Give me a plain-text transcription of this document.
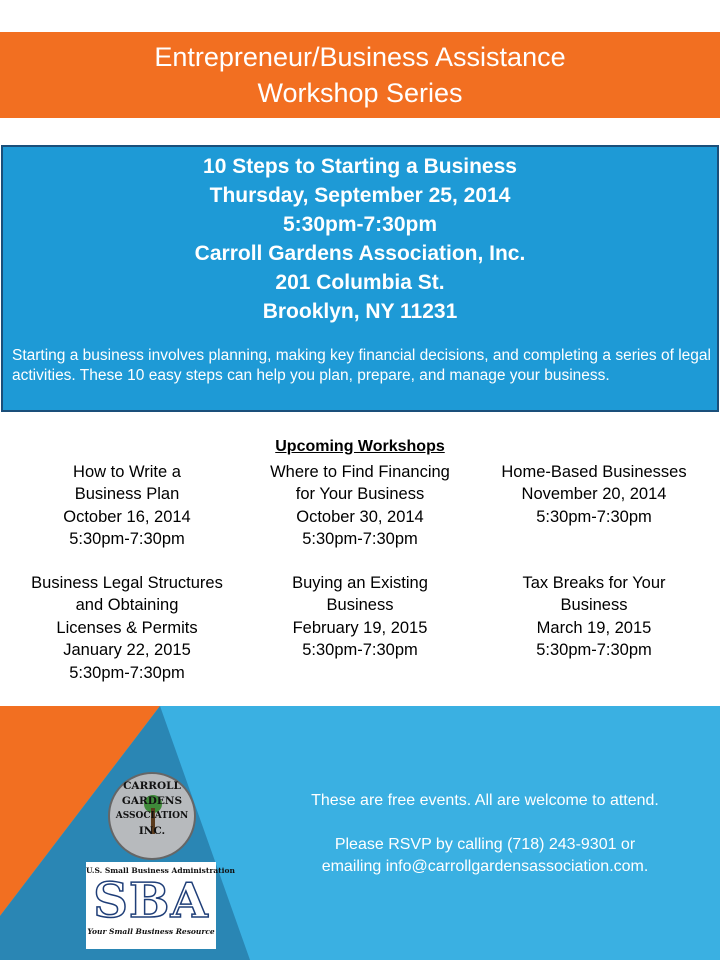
Entrepreneur/Business Assistance
Workshop Series
10 Steps to Starting a Business
Thursday, September 25, 2014
5:30pm-7:30pm
Carroll Gardens Association, Inc.
201 Columbia St.
Brooklyn, NY 11231
Starting a business involves planning, making key financial decisions, and completing a series of legal activities. These 10 easy steps can help you plan, prepare, and manage your business.
Upcoming Workshops
How to Write a
Business Plan
October 16, 2014
5:30pm-7:30pm
Where to Find Financing
for Your Business
October 30, 2014
5:30pm-7:30pm
Home-Based Businesses
November 20, 2014
5:30pm-7:30pm
Business Legal Structures
and Obtaining
Licenses & Permits
January 22, 2015
5:30pm-7:30pm
Buying an Existing
Business
February 19, 2015
5:30pm-7:30pm
Tax Breaks for Your
Business
March 19, 2015
5:30pm-7:30pm
CARROLL
GARDENS
ASSOCIATION
INC.
U.S. Small Business Administration
SBA
Your Small Business Resource

These are free events. All are welcome to attend.

Please RSVP by calling (718) 243-9301 or

emailing info@carrollgardensassociation.com.
